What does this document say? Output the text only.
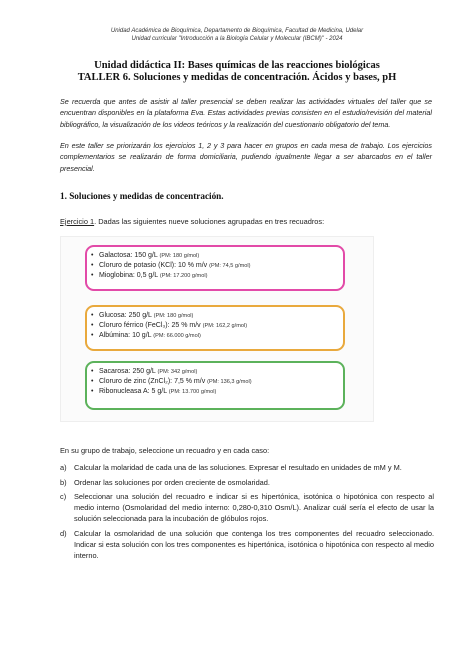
Unidad Académica de Bioquímica, Departamento de Bioquímica, Facultad de Medicina, Udelar
Unidad curricular "Introducción a la Biología Celular y Molecular (IBCM)" - 2024
Unidad didáctica II: Bases químicas de las reacciones biológicas
TALLER 6. Soluciones y medidas de concentración. Ácidos y bases, pH
Se recuerda que antes de asistir al taller presencial se deben realizar las actividades virtuales del taller que se encuentran disponibles en la plataforma Eva. Estas actividades previas consisten en el estudio/revisión del material bibliográfico, la visualización de los videos teóricos y la realización del cuestionario obligatorio del tema.
En este taller se priorizarán los ejercicios 1, 2 y 3 para hacer en grupos en cada mesa de trabajo. Los ejercicios complementarios se realizarán de forma domiciliaria, pudiendo igualmente llegar a ser abarcados en el taller presencial.
1. Soluciones y medidas de concentración.
Ejercicio 1. Dadas las siguientes nueve soluciones agrupadas en tres recuadros:
• Galactosa: 150 g/L (PM: 180 g/mol)
• Cloruro de potasio (KCl): 10 % m/v (PM: 74,5 g/mol)
• Mioglobina: 0,5 g/L (PM: 17.200 g/mol)
• Glucosa: 250 g/L (PM: 180 g/mol)
• Cloruro férrico (FeCl₃): 25 % m/v (PM: 162,2 g/mol)
• Albúmina: 10 g/L (PM: 66.000 g/mol)
• Sacarosa: 250 g/L (PM: 342 g/mol)
• Cloruro de zinc (ZnCl₂): 7,5 % m/v (PM: 136,3 g/mol)
• Ribonucleasa A: 5 g/L (PM: 13.700 g/mol)
En su grupo de trabajo, seleccione un recuadro y en cada caso:
a) Calcular la molaridad de cada una de las soluciones. Expresar el resultado en unidades de mM y M.
b) Ordenar las soluciones por orden creciente de osmolaridad.
c) Seleccionar una solución del recuadro e indicar si es hipertónica, isotónica o hipotónica con respecto al medio interno (Osmolaridad del medio interno: 0,280-0,310 Osm/L). Analizar cuál sería el efecto de usar la solución seleccionada para la incubación de glóbulos rojos.
d) Calcular la osmolaridad de una solución que contenga los tres componentes del recuadro seleccionado. Indicar si esta solución con los tres componentes es hipertónica, isotónica o hipotónica con respecto al medio interno.
